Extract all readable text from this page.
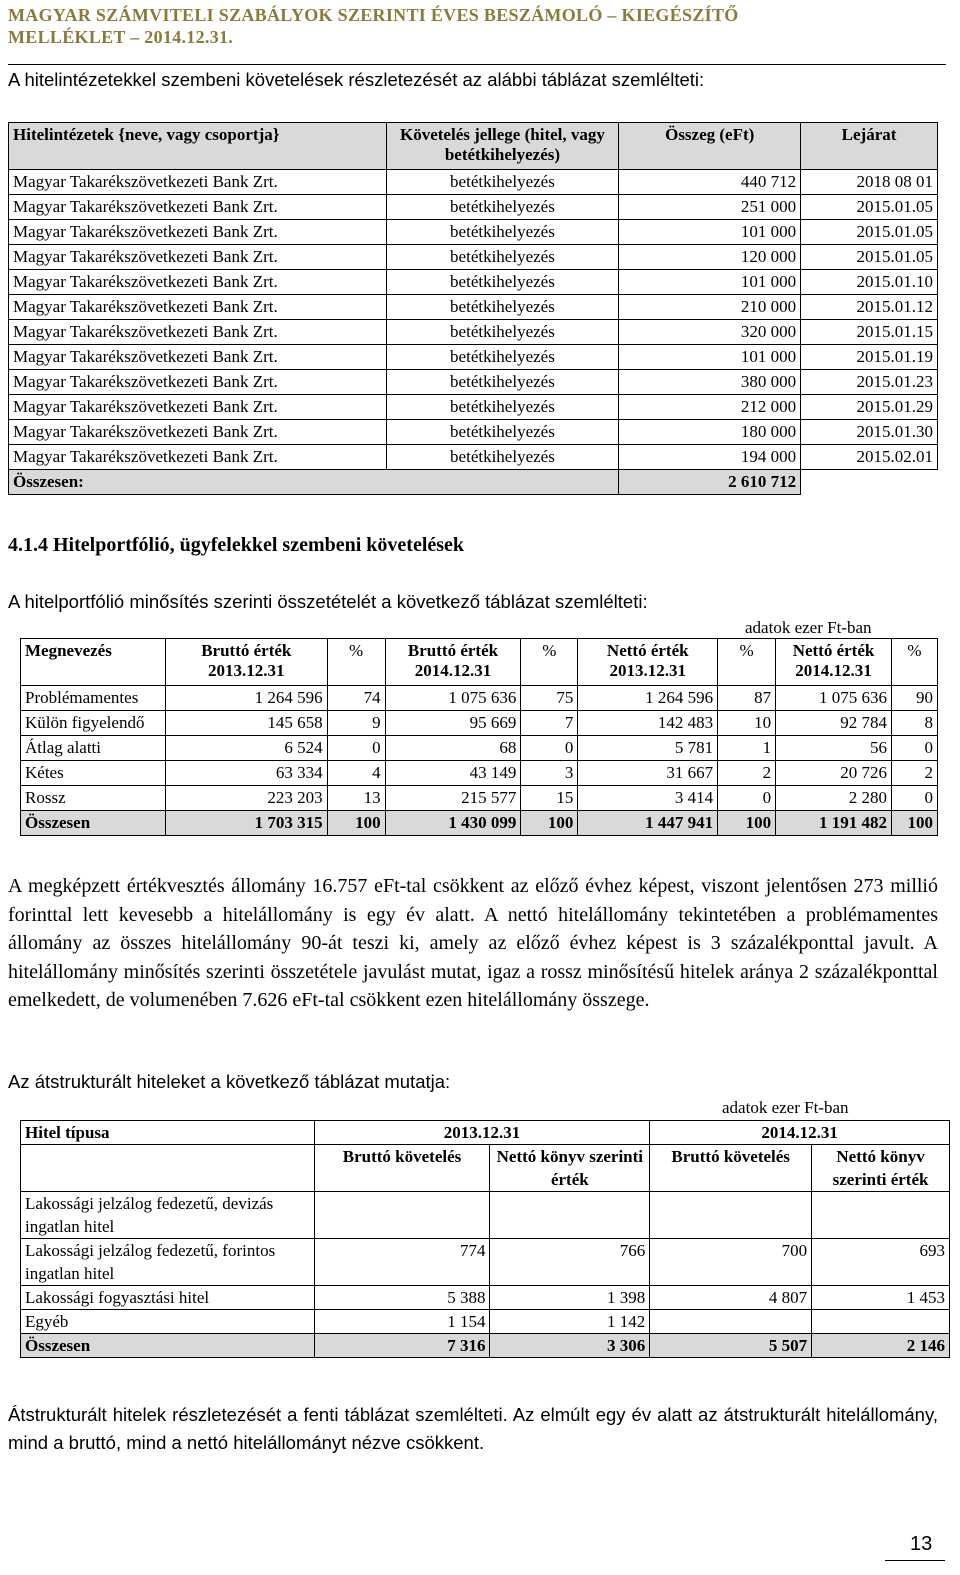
MAGYAR SZÁMVITELI SZABÁLYOK SZERINTI ÉVES BESZÁMOLÓ – KIEGÉSZÍTŐ
MELLÉKLET – 2014.12.31.
A hitelintézetekkel szembeni követelések részletezését az alábbi táblázat szemlélteti:
Hitelintézetek {neve, vagy csoportja}	Követelés jellege (hitel, vagy betétkihelyezés)	Összeg (eFt)	Lejárat
Magyar Takarékszövetkezeti Bank Zrt.	betétkihelyezés	440 712	2018 08 01
Magyar Takarékszövetkezeti Bank Zrt.	betétkihelyezés	251 000	2015.01.05
Magyar Takarékszövetkezeti Bank Zrt.	betétkihelyezés	101 000	2015.01.05
Magyar Takarékszövetkezeti Bank Zrt.	betétkihelyezés	120 000	2015.01.05
Magyar Takarékszövetkezeti Bank Zrt.	betétkihelyezés	101 000	2015.01.10
Magyar Takarékszövetkezeti Bank Zrt.	betétkihelyezés	210 000	2015.01.12
Magyar Takarékszövetkezeti Bank Zrt.	betétkihelyezés	320 000	2015.01.15
Magyar Takarékszövetkezeti Bank Zrt.	betétkihelyezés	101 000	2015.01.19
Magyar Takarékszövetkezeti Bank Zrt.	betétkihelyezés	380 000	2015.01.23
Magyar Takarékszövetkezeti Bank Zrt.	betétkihelyezés	212 000	2015.01.29
Magyar Takarékszövetkezeti Bank Zrt.	betétkihelyezés	180 000	2015.01.30
Magyar Takarékszövetkezeti Bank Zrt.	betétkihelyezés	194 000	2015.02.01
Összesen:		2 610 712	
4.1.4 Hitelportfólió, ügyfelekkel szembeni követelések
A hitelportfólió minősítés szerinti összetételét a következő táblázat szemlélteti:
adatok ezer Ft-ban
Megnevezés	Bruttó érték 2013.12.31	%	Bruttó érték 2014.12.31	%	Nettó érték 2013.12.31	%	Nettó érték 2014.12.31	%
Problémamentes	1 264 596	74	1 075 636	75	1 264 596	87	1 075 636	90
Külön figyelendő	145 658	9	95 669	7	142 483	10	92 784	8
Átlag alatti	6 524	0	68	0	5 781	1	56	0
Kétes	63 334	4	43 149	3	31 667	2	20 726	2
Rossz	223 203	13	215 577	15	3 414	0	2 280	0
Összesen	1 703 315	100	1 430 099	100	1 447 941	100	1 191 482	100
A megképzett értékvesztés állomány 16.757 eFt-tal csökkent az előző évhez képest, viszont jelentősen 273 millió forinttal lett kevesebb a hitelállomány is egy év alatt. A nettó hitelállomány tekintetében a problémamentes állomány az összes hitelállomány 90-át teszi ki, amely az előző évhez képest is 3 százalékponttal javult. A hitelállomány minősítés szerinti összetétele javulást mutat, igaz a rossz minősítésű hitelek aránya 2 százalékponttal emelkedett, de volumenében 7.626 eFt-tal csökkent ezen hitelállomány összege.
Az átstrukturált hiteleket a következő táblázat mutatja:
adatok ezer Ft-ban
Hitel típusa	2013.12.31		2014.12.31	
	Bruttó követelés	Nettó könyv szerinti érték	Bruttó követelés	Nettó könyv szerinti érték
Lakossági jelzálog fedezetű, devizás ingatlan hitel				
Lakossági jelzálog fedezetű, forintos ingatlan hitel	774	766	700	693
Lakossági fogyasztási hitel	5 388	1 398	4 807	1 453
Egyéb	1 154	1 142		
Összesen	7 316	3 306	5 507	2 146
Átstrukturált hitelek részletezését a fenti táblázat szemlélteti. Az elmúlt egy év alatt az átstrukturált hitelállomány, mind a bruttó, mind a nettó hitelállományt nézve csökkent.
13
